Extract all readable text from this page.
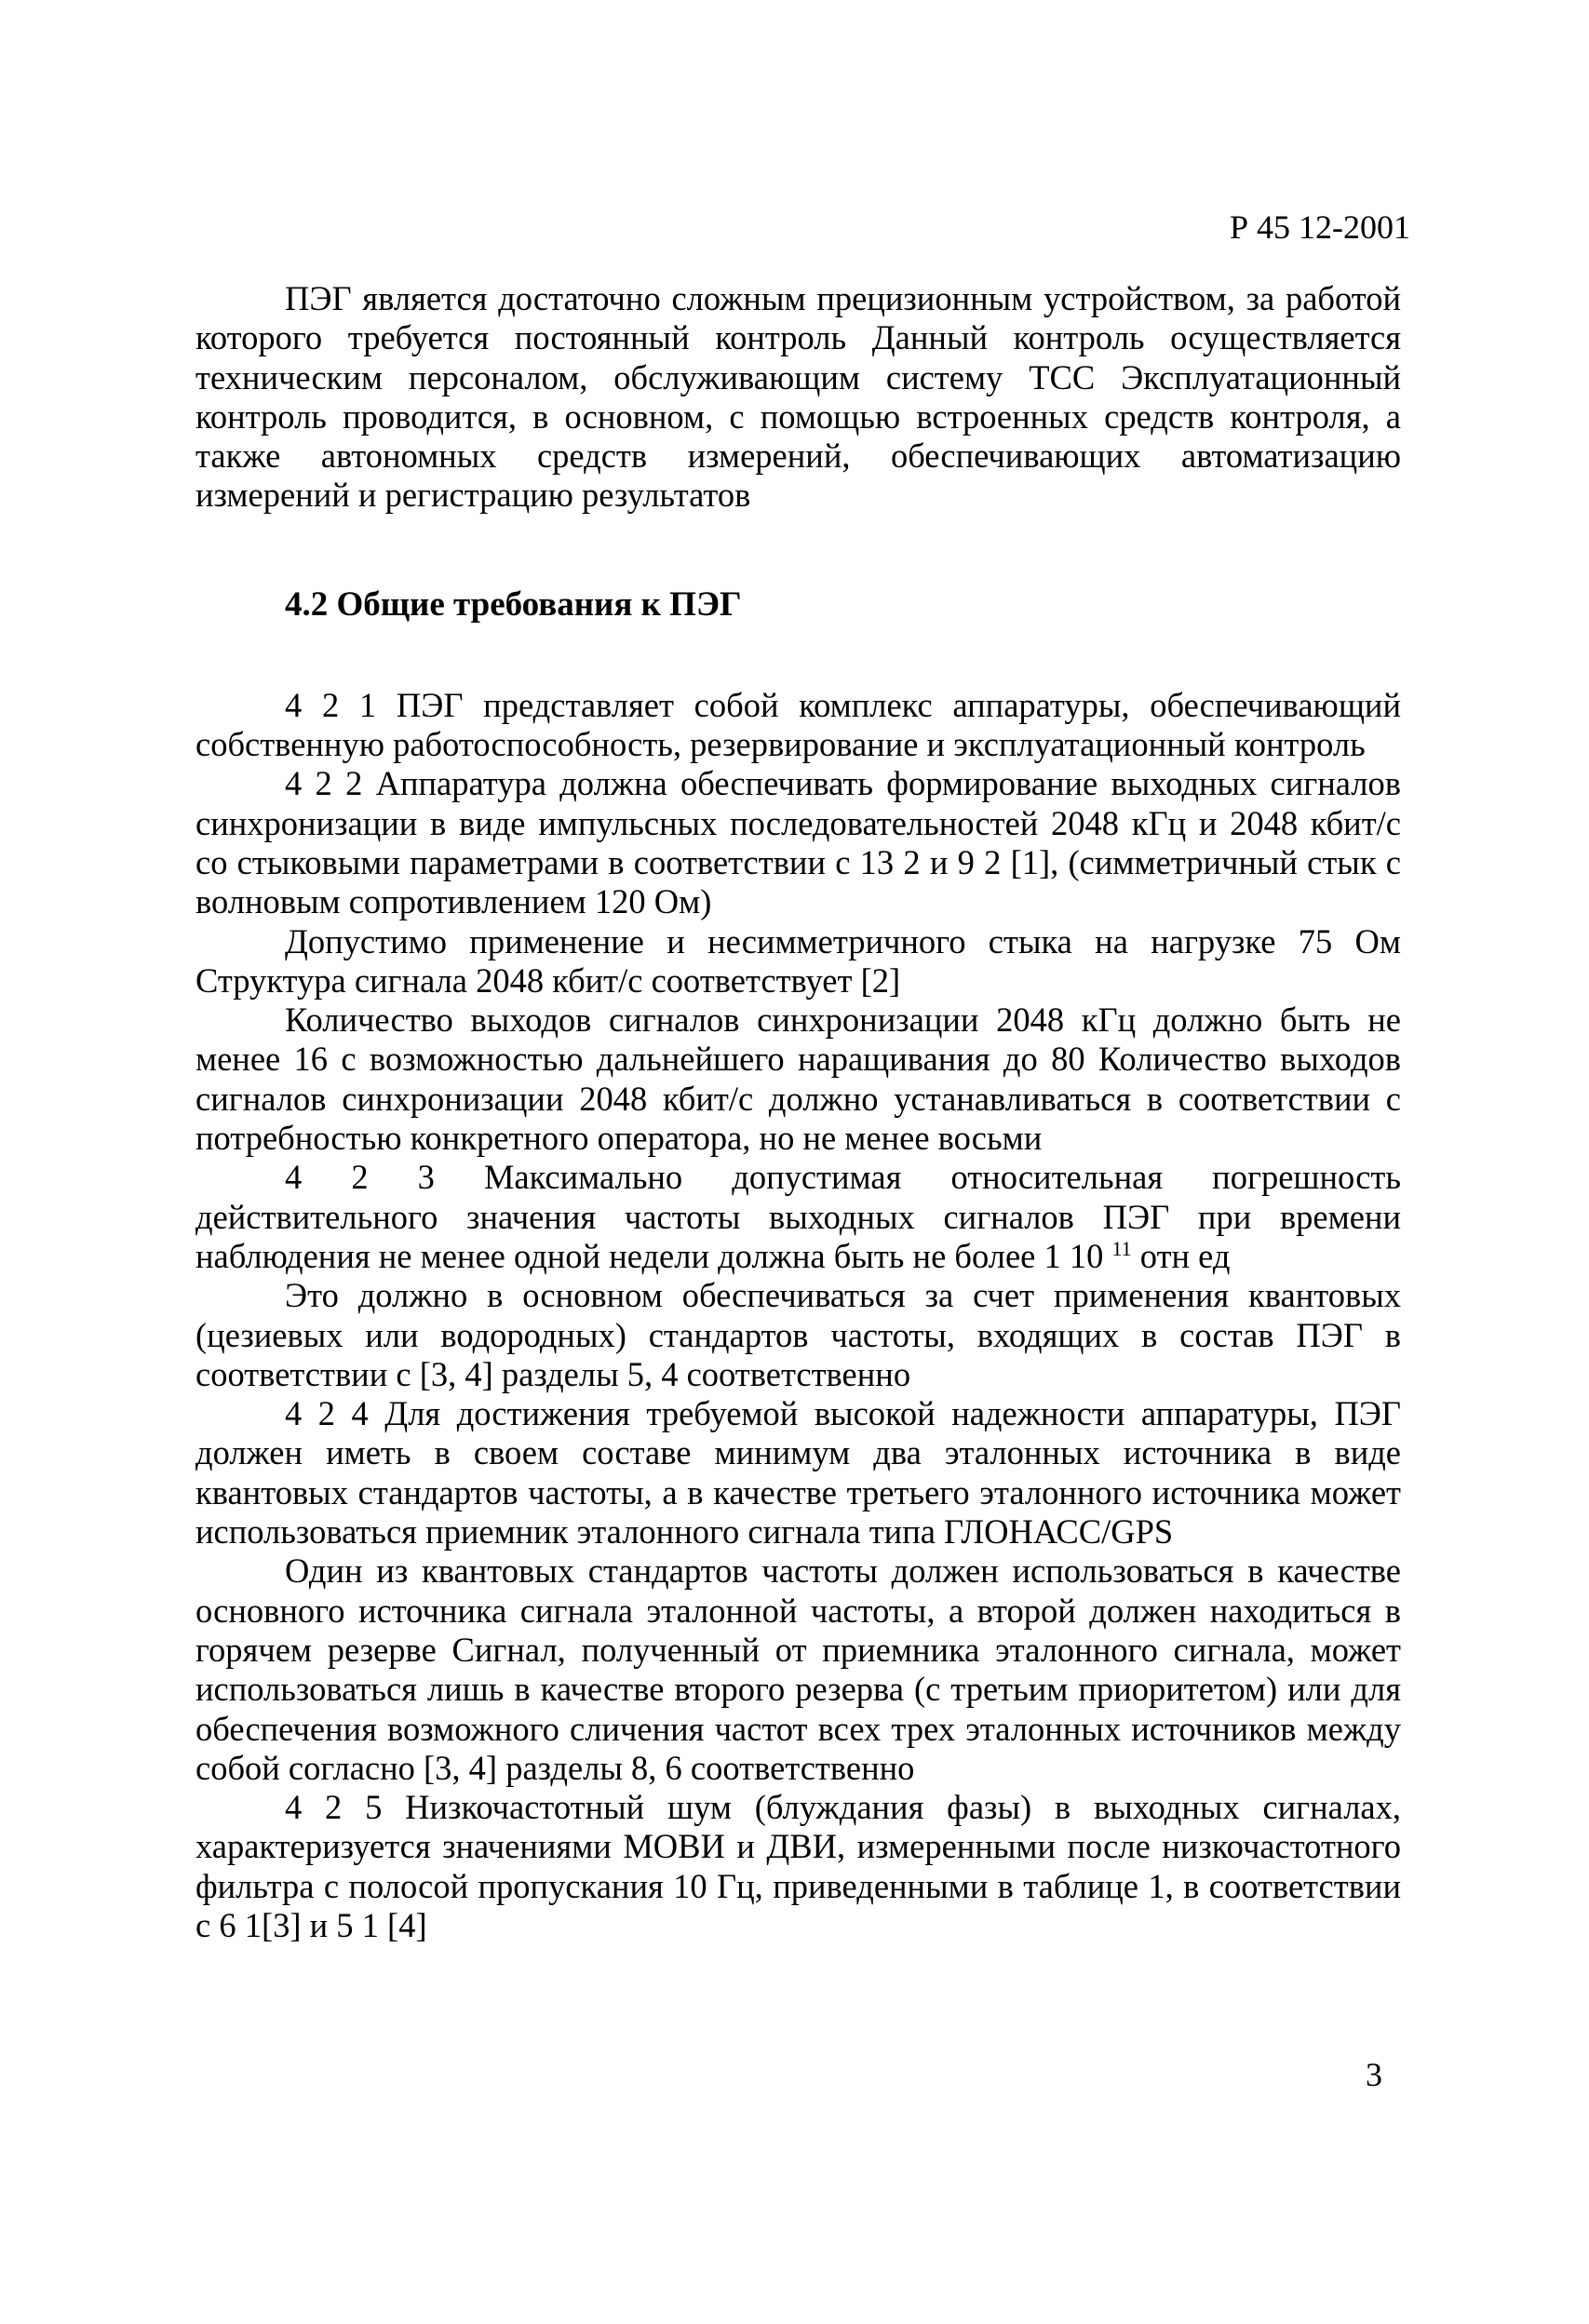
Р 45 12-2001

ПЭГ является достаточно сложным прецизионным устройством, за работой которого требуется постоянный контроль Данный контроль осуществляется техническим персоналом, обслуживающим систему ТСС Эксплуатационный контроль проводится, в основном, с помощью встроенных средств контроля, а также автономных средств измерений, обеспечивающих автоматизацию измерений и регистрацию результатов

4.2 Общие требования к ПЭГ

4 2 1 ПЭГ представляет собой комплекс аппаратуры, обеспечивающий собственную работоспособность, резервирование и эксплуатационный контроль

4 2 2 Аппаратура должна обеспечивать формирование выходных сигналов синхронизации в виде импульсных последовательностей 2048 кГц и 2048 кбит/с со стыковыми параметрами в соответствии с 13 2 и 9 2 [1], (симметричный стык с волновым сопротивлением 120 Ом)

Допустимо применение и несимметричного стыка на нагрузке 75 Ом Структура сигнала 2048 кбит/с соответствует [2]

Количество выходов сигналов синхронизации 2048 кГц должно быть не менее 16 с возможностью дальнейшего наращивания до 80 Количество выходов сигналов синхронизации 2048 кбит/с должно устанавливаться в соответствии с потребностью конкретного оператора, но не менее восьми

4 2 3 Максимально допустимая относительная погрешность действительного значения частоты выходных сигналов ПЭГ при времени наблюдения не менее одной недели должна быть не более 1 10 $^{11}$ отн ед

Это должно в основном обеспечиваться за счет применения квантовых (цезиевых или водородных) стандартов частоты, входящих в состав ПЭГ в соответствии с [3, 4] разделы 5, 4 соответственно

4 2 4 Для достижения требуемой высокой надежности аппаратуры, ПЭГ должен иметь в своем составе минимум два эталонных источника в виде квантовых стандартов частоты, а в качестве третьего эталонного источника может использоваться приемник эталонного сигнала типа ГЛОНАСС/GPS

Один из квантовых стандартов частоты должен использоваться в качестве основного источника сигнала эталонной частоты, а второй должен находиться в горячем резерве Сигнал, полученный от приемника эталонного сигнала, может использоваться лишь в качестве второго резерва (с третьим приоритетом) или для обеспечения возможного сличения частот всех трех эталонных источников между собой согласно [3, 4] разделы 8, 6 соответственно

4 2 5 Низкочастотный шум (блуждания фазы) в выходных сигналах, характеризуется значениями МОВИ и ДВИ, измеренными после низкочастотного фильтра с полосой пропускания 10 Гц, приведенными в таблице 1, в соответствии с 6 1[3] и 5 1 [4]

3
